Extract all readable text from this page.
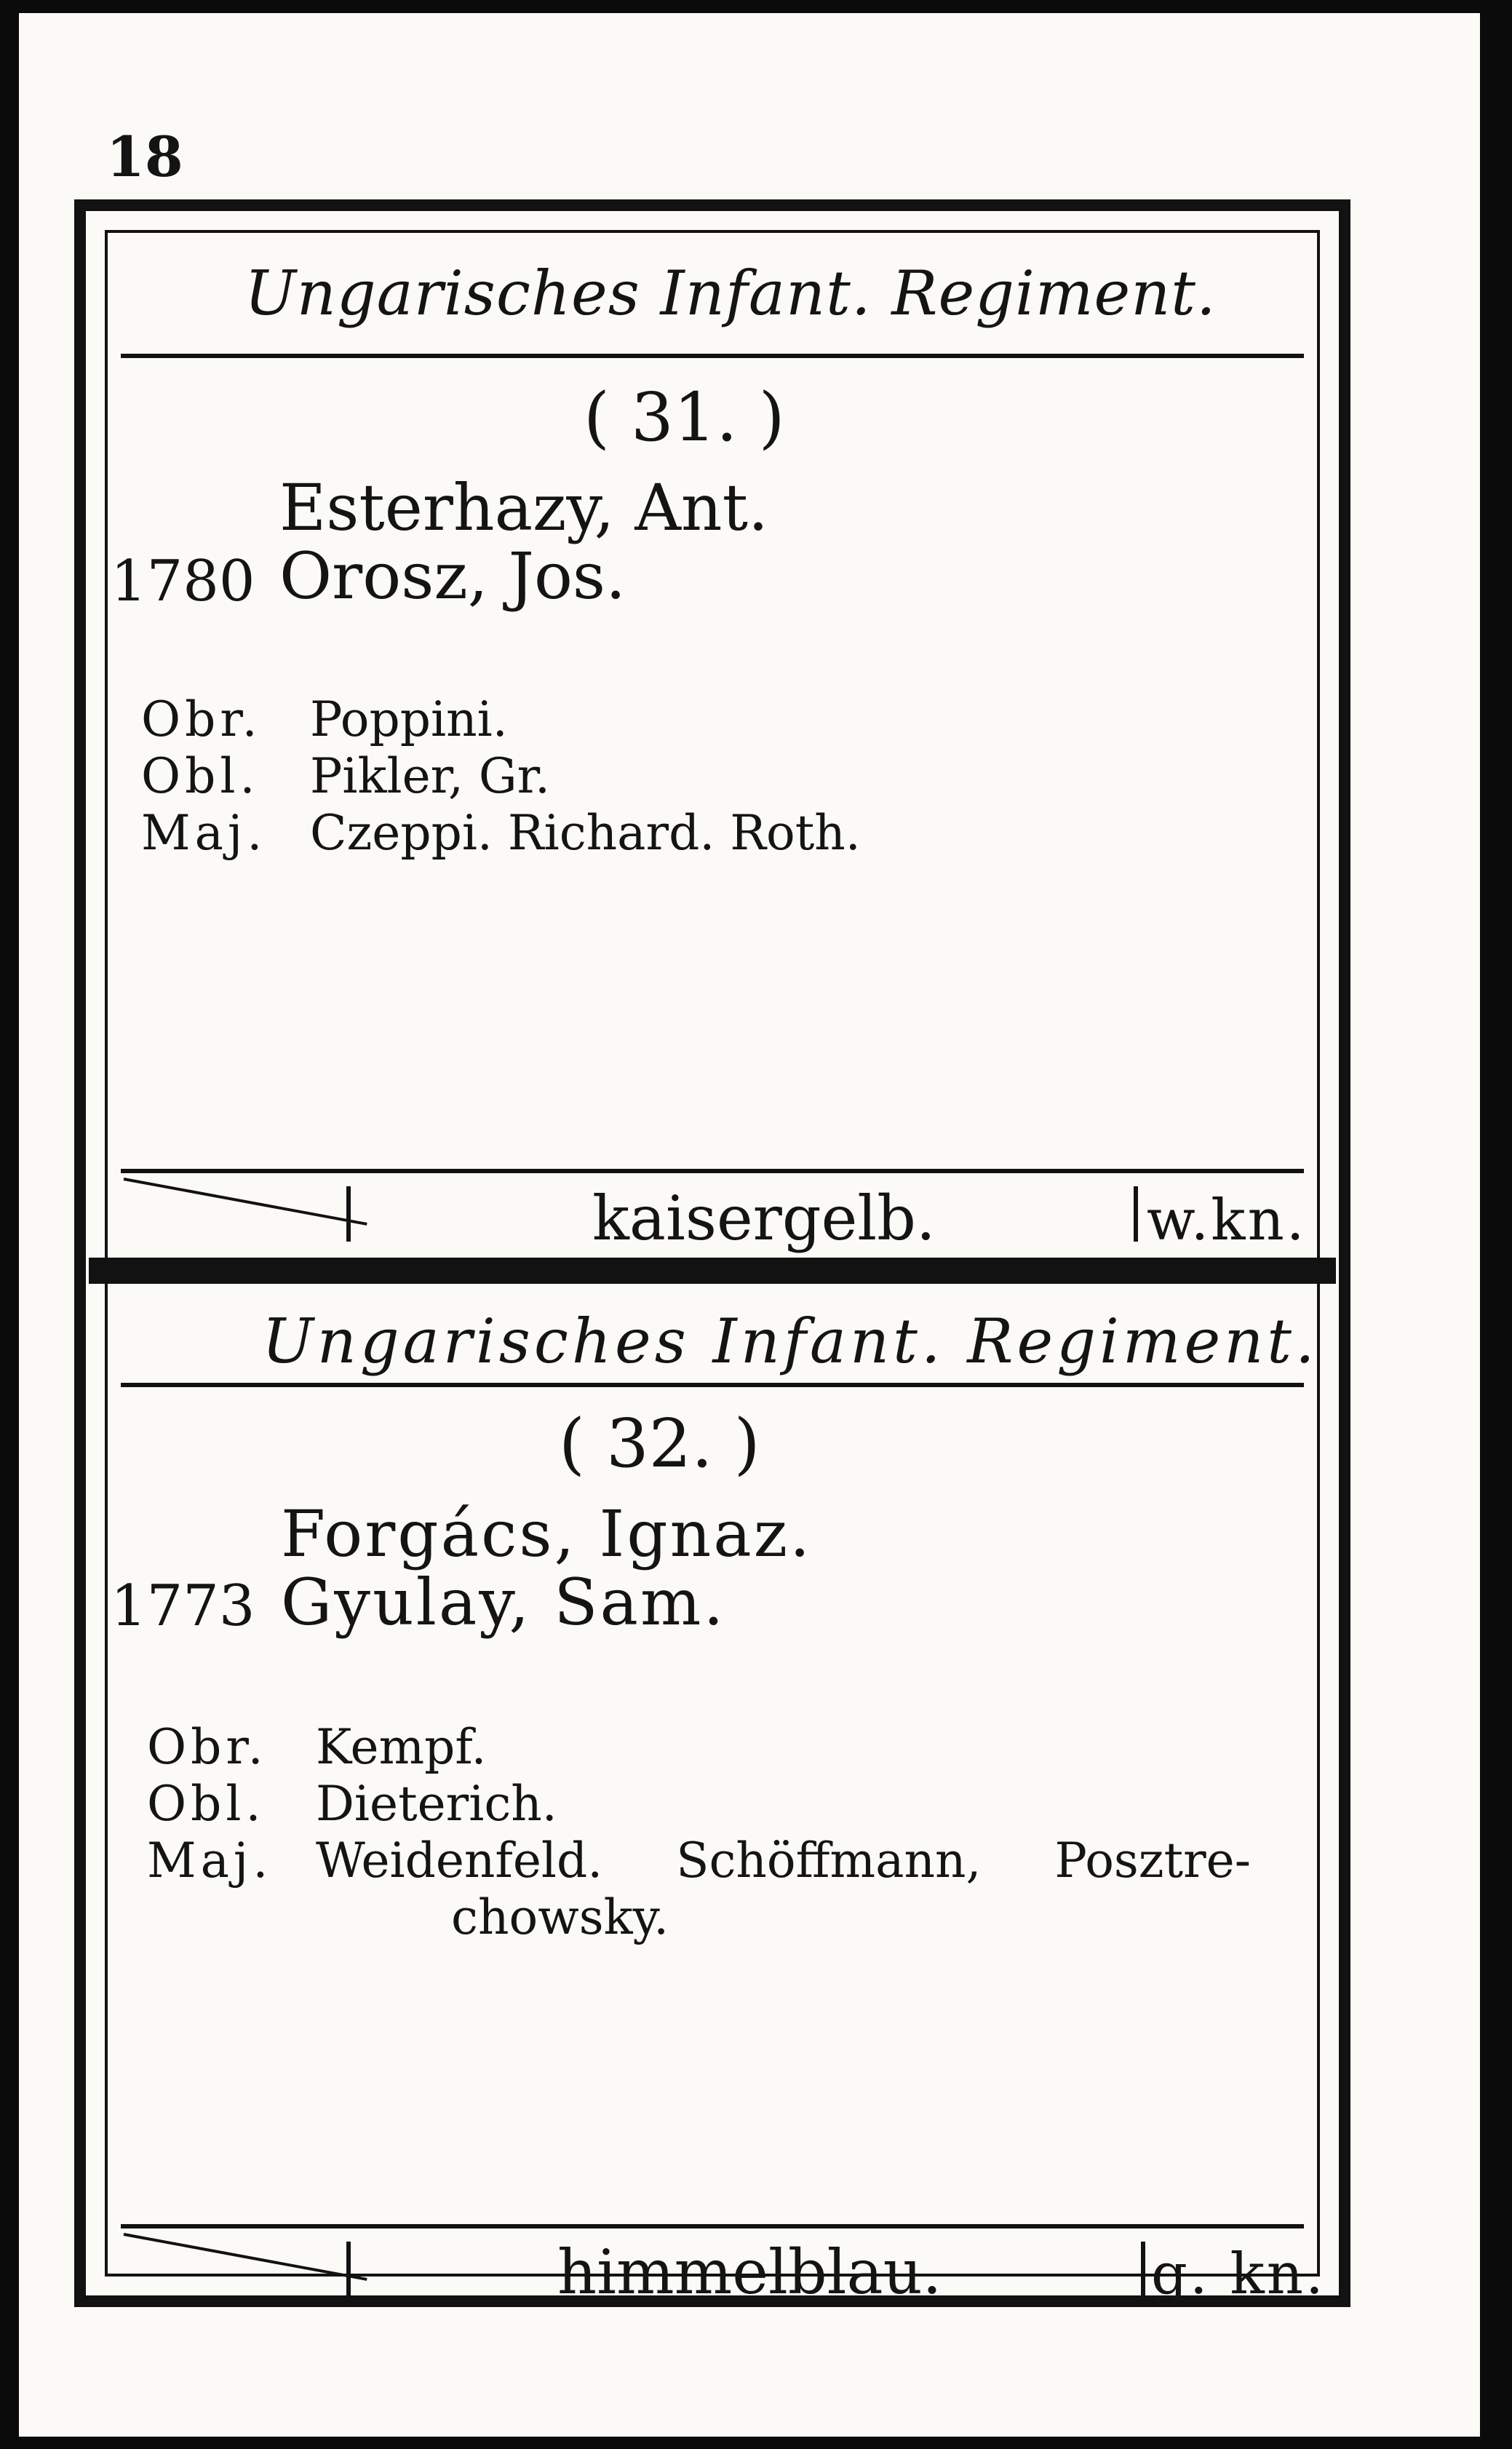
18
Ungarisches Infant. Regiment.
( 31. )
Esterhazy, Ant.
1780 Orosz, Jos.
Obr. Poppini.
Obl. Pikler, Gr.
Maj. Czeppi. Richard. Roth.
kaisergelb.	w.kn.
Ungarisches Infant. Regiment.
( 32. )
Forgács, Ignaz.
1773 Gyulay, Sam.
Obr. Kempf.
Obl. Dieterich.
Maj. Weidenfeld. Schöffmann, Posztre-
chowsky.
himmelblau.	g. kn.
